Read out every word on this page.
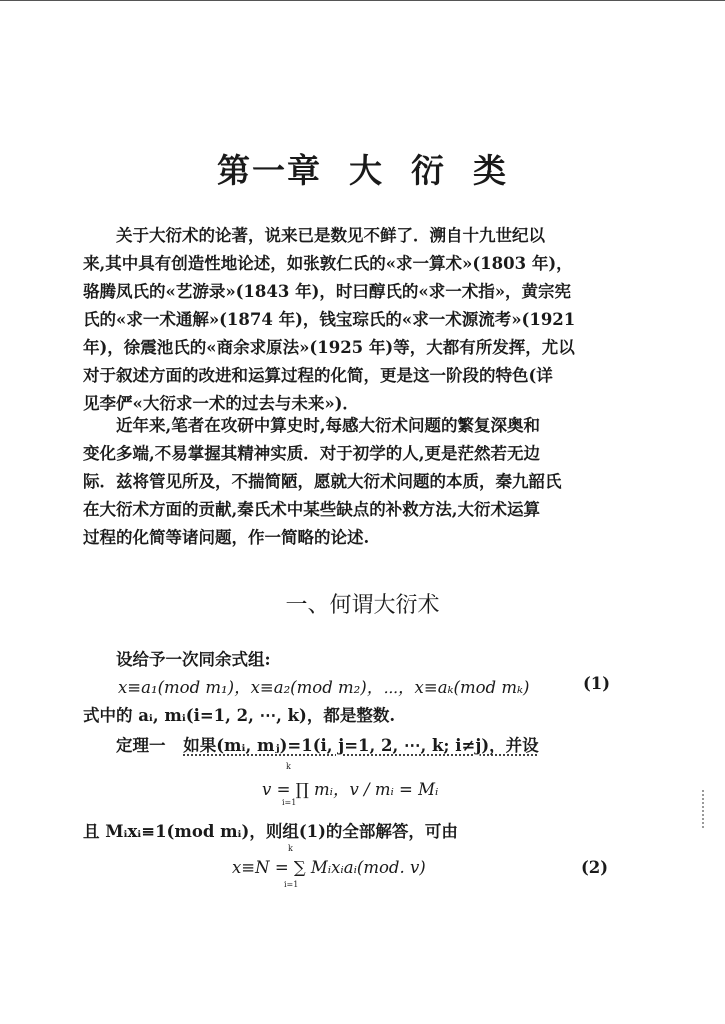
第一章  大  衍  类
关于大衍术的论著，说来已是数见不鲜了．溯自十九世纪以
来,其中具有创造性地论述，如张敦仁氏的«求一算术»(1803 年)，
骆腾凤氏的«艺游录»(1843 年)，时曰醇氏的«求一术指»，黄宗宪
氏的«求一术通解»(1874 年)，钱宝琮氏的«求一术源流考»(1921
年)，徐震池氏的«商余求原法»(1925 年)等，大都有所发挥，尤以
对于叙述方面的改进和运算过程的化简，更是这一阶段的特色(详
见李俨«大衍求一术的过去与未来»)．
近年来,笔者在攻研中算史时,每感大衍术问题的繁复深奥和
变化多端,不易掌握其精神实质．对于初学的人,更是茫然若无边
际．兹将管见所及，不揣简陋，愿就大衍术问题的本质，秦九韶氏
在大衍术方面的贡献,秦氏术中某些缺点的补救方法,大衍术运算
过程的化简等诸问题，作一简略的论述.
一、何谓大衍术
设给予一次同余式组:
x≡a₁(mod m₁)，x≡a₂(mod m₂)，⋯，x≡aₖ(mod mₖ)	(1)
式中的 aᵢ, mᵢ(i=1, 2, ⋯, k)，都是整数.
定理一 如果(mᵢ, mⱼ)=1(i, j=1, 2, ⋯, k; i≠j)，并设
k
v = ∏ mᵢ，v / mᵢ = Mᵢ
i=1
且 Mᵢxᵢ≡1(mod mᵢ)，则组(1)的全部解答，可由
k
x≡N = ∑ Mᵢxᵢaᵢ(mod. v)
i=1
(2)
